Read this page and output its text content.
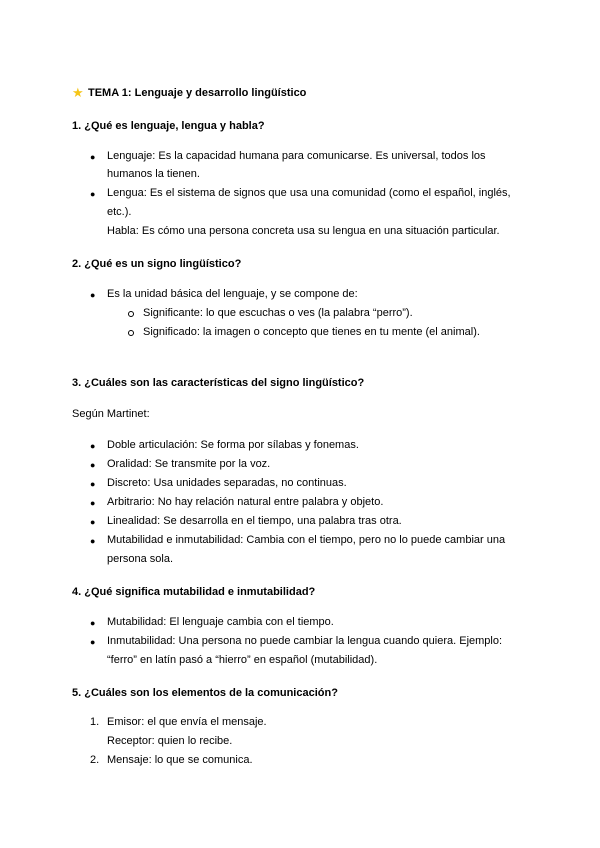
★ TEMA 1: Lenguaje y desarrollo lingüístico
1. ¿Qué es lenguaje, lengua y habla?
● Lenguaje: Es la capacidad humana para comunicarse. Es universal, todos los
humanos la tienen.
● Lengua: Es el sistema de signos que usa una comunidad (como el español, inglés,
etc.).
Habla: Es cómo una persona concreta usa su lengua en una situación particular.
2. ¿Qué es un signo lingüístico?
● Es la unidad básica del lenguaje, y se compone de:
Significante: lo que escuchas o ves (la palabra “perro”).
Significado: la imagen o concepto que tienes en tu mente (el animal).
3. ¿Cuáles son las características del signo lingüístico?
Según Martinet:
● Doble articulación: Se forma por sílabas y fonemas.
● Oralidad: Se transmite por la voz.
● Discreto: Usa unidades separadas, no continuas.
● Arbitrario: No hay relación natural entre palabra y objeto.
● Linealidad: Se desarrolla en el tiempo, una palabra tras otra.
● Mutabilidad e inmutabilidad: Cambia con el tiempo, pero no lo puede cambiar una
persona sola.
4. ¿Qué significa mutabilidad e inmutabilidad?
● Mutabilidad: El lenguaje cambia con el tiempo.
● Inmutabilidad: Una persona no puede cambiar la lengua cuando quiera. Ejemplo:
“ferro” en latín pasó a “hierro” en español (mutabilidad).
5. ¿Cuáles son los elementos de la comunicación?
1. Emisor: el que envía el mensaje.
Receptor: quien lo recibe.
2. Mensaje: lo que se comunica.
